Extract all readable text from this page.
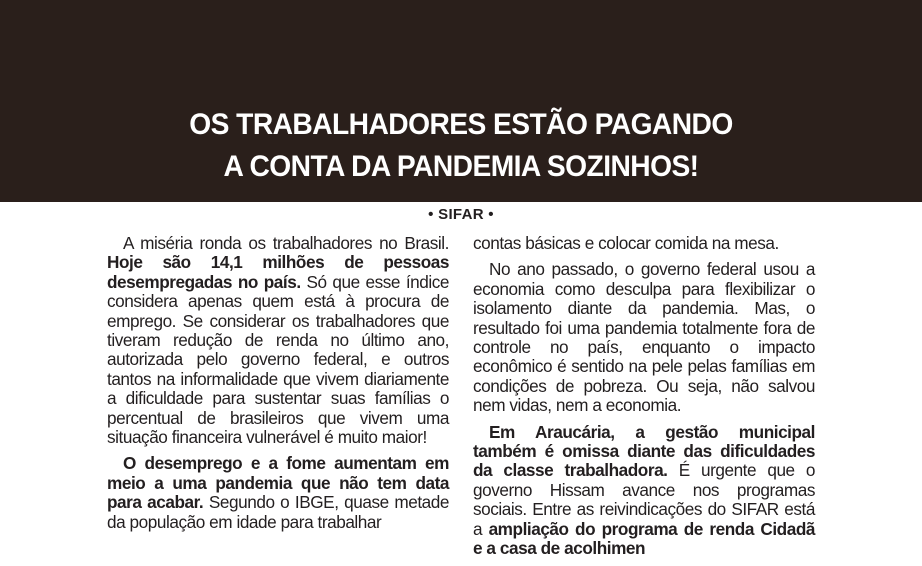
OS TRABALHADORES ESTÃO PAGANDO
A CONTA DA PANDEMIA SOZINHOS!
• SIFAR •

A miséria ronda os trabalhadores no Brasil. Hoje são 14,1 milhões de pessoas desempregadas no país. Só que esse índice considera apenas quem está à procura de emprego. Se considerar os trabalhadores que tiveram redução de renda no último ano, autorizada pelo governo federal, e outros tantos na informalidade que vivem diariamente a dificuldade para sustentar suas famílias o percentual de brasileiros que vivem uma situação financeira vulnerável é muito maior!

O desemprego e a fome aumentam em meio a uma pandemia que não tem data para acabar. Segundo o IBGE, quase metade da população em idade para trabalhar

contas básicas e colocar comida na mesa.

No ano passado, o governo federal usou a economia como desculpa para flexibilizar o isolamento diante da pandemia. Mas, o resultado foi uma pandemia totalmente fora de controle no país, enquanto o impacto econômico é sentido na pele pelas famílias em condições de pobreza. Ou seja, não salvou nem vidas, nem a economia.

Em Araucária, a gestão municipal também é omissa diante das dificuldades da classe trabalhadora. É urgente que o governo Hissam avance nos programas sociais. Entre as reivindicações do SIFAR está a ampliação do programa de renda Cidadã e a casa de acolhimen
